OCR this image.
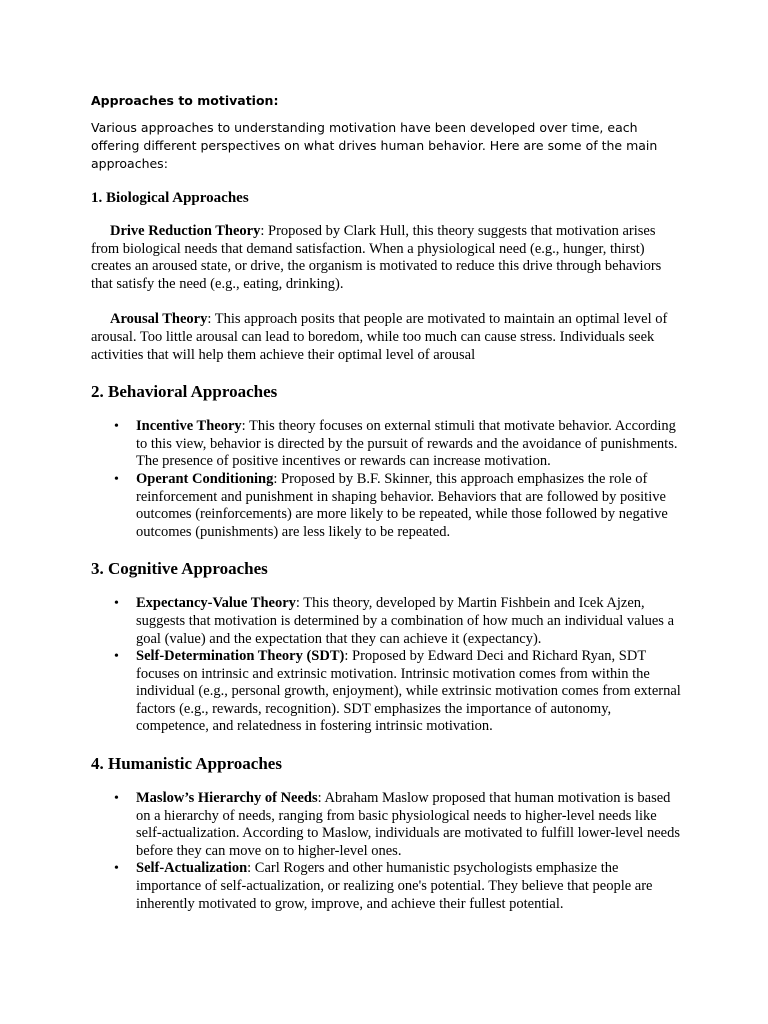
Approaches to motivation:
Various approaches to understanding motivation have been developed over time, each offering different perspectives on what drives human behavior. Here are some of the main approaches:
1. Biological Approaches

Drive Reduction Theory: Proposed by Clark Hull, this theory suggests that motivation arises from biological needs that demand satisfaction. When a physiological need (e.g., hunger, thirst) creates an aroused state, or drive, the organism is motivated to reduce this drive through behaviors that satisfy the need (e.g., eating, drinking).

Arousal Theory: This approach posits that people are motivated to maintain an optimal level of arousal. Too little arousal can lead to boredom, while too much can cause stress. Individuals seek activities that will help them achieve their optimal level of arousal

2. Behavioral Approaches
• Incentive Theory: This theory focuses on external stimuli that motivate behavior. According to this view, behavior is directed by the pursuit of rewards and the avoidance of punishments. The presence of positive incentives or rewards can increase motivation.
• Operant Conditioning: Proposed by B.F. Skinner, this approach emphasizes the role of reinforcement and punishment in shaping behavior. Behaviors that are followed by positive outcomes (reinforcements) are more likely to be repeated, while those followed by negative outcomes (punishments) are less likely to be repeated.
3. Cognitive Approaches
• Expectancy-Value Theory: This theory, developed by Martin Fishbein and Icek Ajzen, suggests that motivation is determined by a combination of how much an individual values a goal (value) and the expectation that they can achieve it (expectancy).
• Self-Determination Theory (SDT): Proposed by Edward Deci and Richard Ryan, SDT focuses on intrinsic and extrinsic motivation. Intrinsic motivation comes from within the individual (e.g., personal growth, enjoyment), while extrinsic motivation comes from external factors (e.g., rewards, recognition). SDT emphasizes the importance of autonomy, competence, and relatedness in fostering intrinsic motivation.
4. Humanistic Approaches
• Maslow’s Hierarchy of Needs: Abraham Maslow proposed that human motivation is based on a hierarchy of needs, ranging from basic physiological needs to higher-level needs like self-actualization. According to Maslow, individuals are motivated to fulfill lower-level needs before they can move on to higher-level ones.
• Self-Actualization: Carl Rogers and other humanistic psychologists emphasize the importance of self-actualization, or realizing one's potential. They believe that people are inherently motivated to grow, improve, and achieve their fullest potential.
